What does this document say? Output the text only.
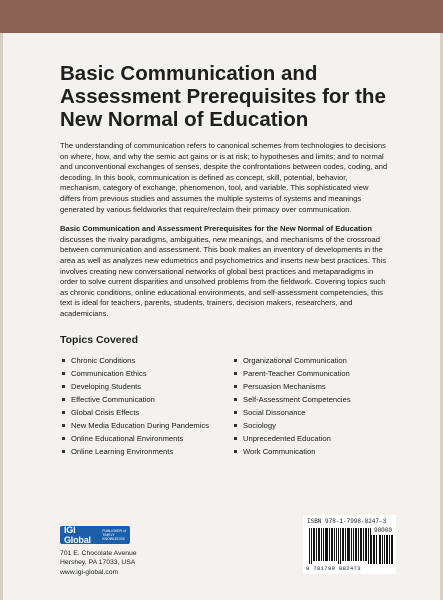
Basic Communication and Assessment Prerequisites for the New Normal of Education

The understanding of communication refers to canonical schemes from technologies to decisions on where, how, and why the semic act gains or is at risk; to hypotheses and limits; and to normal and unconventional exchanges of senses, despite the confrontations between codes, coding, and decoding. In this book, communication is defined as concept, skill, potential, behavior, mechanism, category of exchange, phenomenon, tool, and variable. This sophisticated view differs from previous studies and assumes the multiple systems of systems and meanings generated by various fieldworks that require/reclaim their primacy over communication.

Basic Communication and Assessment Prerequisites for the New Normal of Education discusses the rivalry paradigms, ambiguities, new meanings, and mechanisms of the crossroad between communication and assessment. This book makes an inventory of developments in the area as well as analyzes new edumetrics and psychometrics and inserts new best practices. This involves creating new conversational networks of global best practices and metaparadigms in order to solve current disparities and unsolved problems from the fieldwork. Covering topics such as chronic conditions, online educational environments, and self-assessment competencies, this text is ideal for teachers, parents, students, trainers, decision makers, researchers, and academicians.

Topics Covered
Chronic Conditions
Communication Ethics
Developing Students
Effective Communication
Global Crisis Effects
New Media Education During Pandemics
Online Educational Environments
Online Learning Environments
Organizational Communication
Parent-Teacher Communication
Persuasion Mechanisms
Self-Assessment Competencies
Social Dissonance
Sociology
Unprecedented Education
Work Communication
IGI Global
PUBLISHER of TIMELY KNOWLEDGE
701 E. Chocolate Avenue
Hershey, PA 17033, USA
www.igi-global.com
ISBN 978-1-7998-8247-3
90000
9 781799 882473
